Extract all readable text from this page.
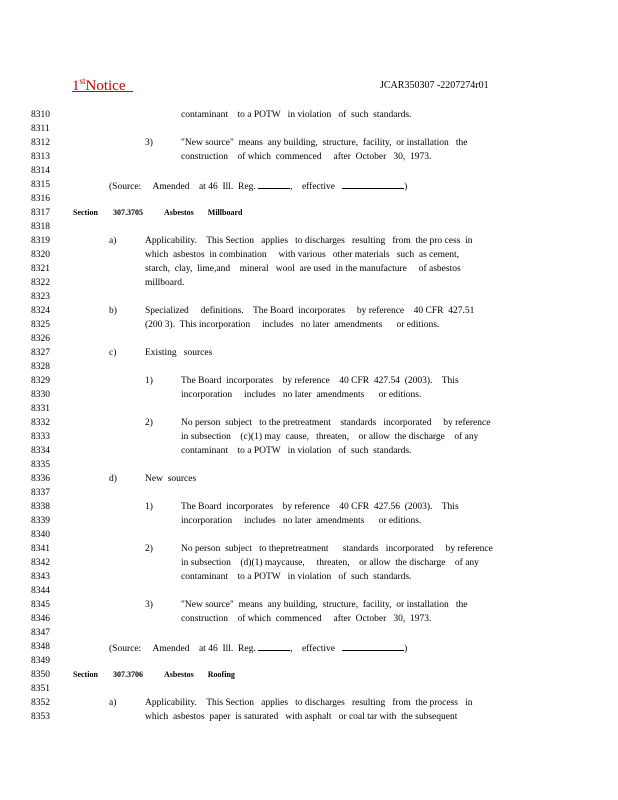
1stNotice	JCAR350307 -2207274r01
8310
8311
8312
8313
8314
8315
8316
8317
8318
8319
8320
8321
8322
8323
8324
8325
8326
8327
8328
8329
8330
8331
8332
8333
8334
8335
8336
8337
8338
8339
8340
8341
8342
8343
8344
8345
8346
8347
8348
8349
8350
8351
8352
8353
contaminant    to a POTW   in violation   of  such  standards.
3)	"New source"  means  any building,  structure,  facility,  or installation   the
construction    of which  commenced     after  October   30,  1973.
(Source:     Amended    at 46  Ill.  Reg.	,    effective	)
Section 307.3705	Asbestos       Millboard
a)	Applicability.    This Section   applies   to discharges   resulting   from  the pro cess  in
which  asbestos  in combination     with various   other materials   such  as cement,
starch,  clay,  lime,and    mineral   wool  are used  in the manufacture     of asbestos
millboard.
b)	Specialized     definitions.    The Board  incorporates     by reference    40 CFR  427.51
(200 3).  This incorporation     includes   no later  amendments      or editions.
c)	Existing   sources
1)	The Board  incorporates    by reference    40 CFR  427.54  (2003).    This
incorporation     includes   no later  amendments      or editions.
2)	No person  subject   to the pretreatment    standards   incorporated     by reference
in subsection    (c)(1) may  cause,   threaten,    or allow  the discharge    of any
contaminant    to a POTW   in violation   of  such  standards.
d)	New  sources
1)	The Board  incorporates    by reference    40 CFR  427.56  (2003).    This
incorporation     includes   no later  amendments      or editions.
2)	No person  subject   to thepretreatment      standards   incorporated     by reference
in subsection    (d)(1) maycause,     threaten,    or allow  the discharge    of any
contaminant    to a POTW   in violation   of  such  standards.
3)	"New source"  means  any building,  structure,  facility,  or installation   the
construction    of which  commenced     after  October   30,  1973.
(Source:     Amended    at 46  Ill.  Reg.	,    effective	)
Section 307.3706	Asbestos       Roofing
a)	Applicability.    This Section   applies   to discharges   resulting   from  the process   in
which  asbestos  paper  is saturated   with asphalt   or coal tar with  the subsequent
